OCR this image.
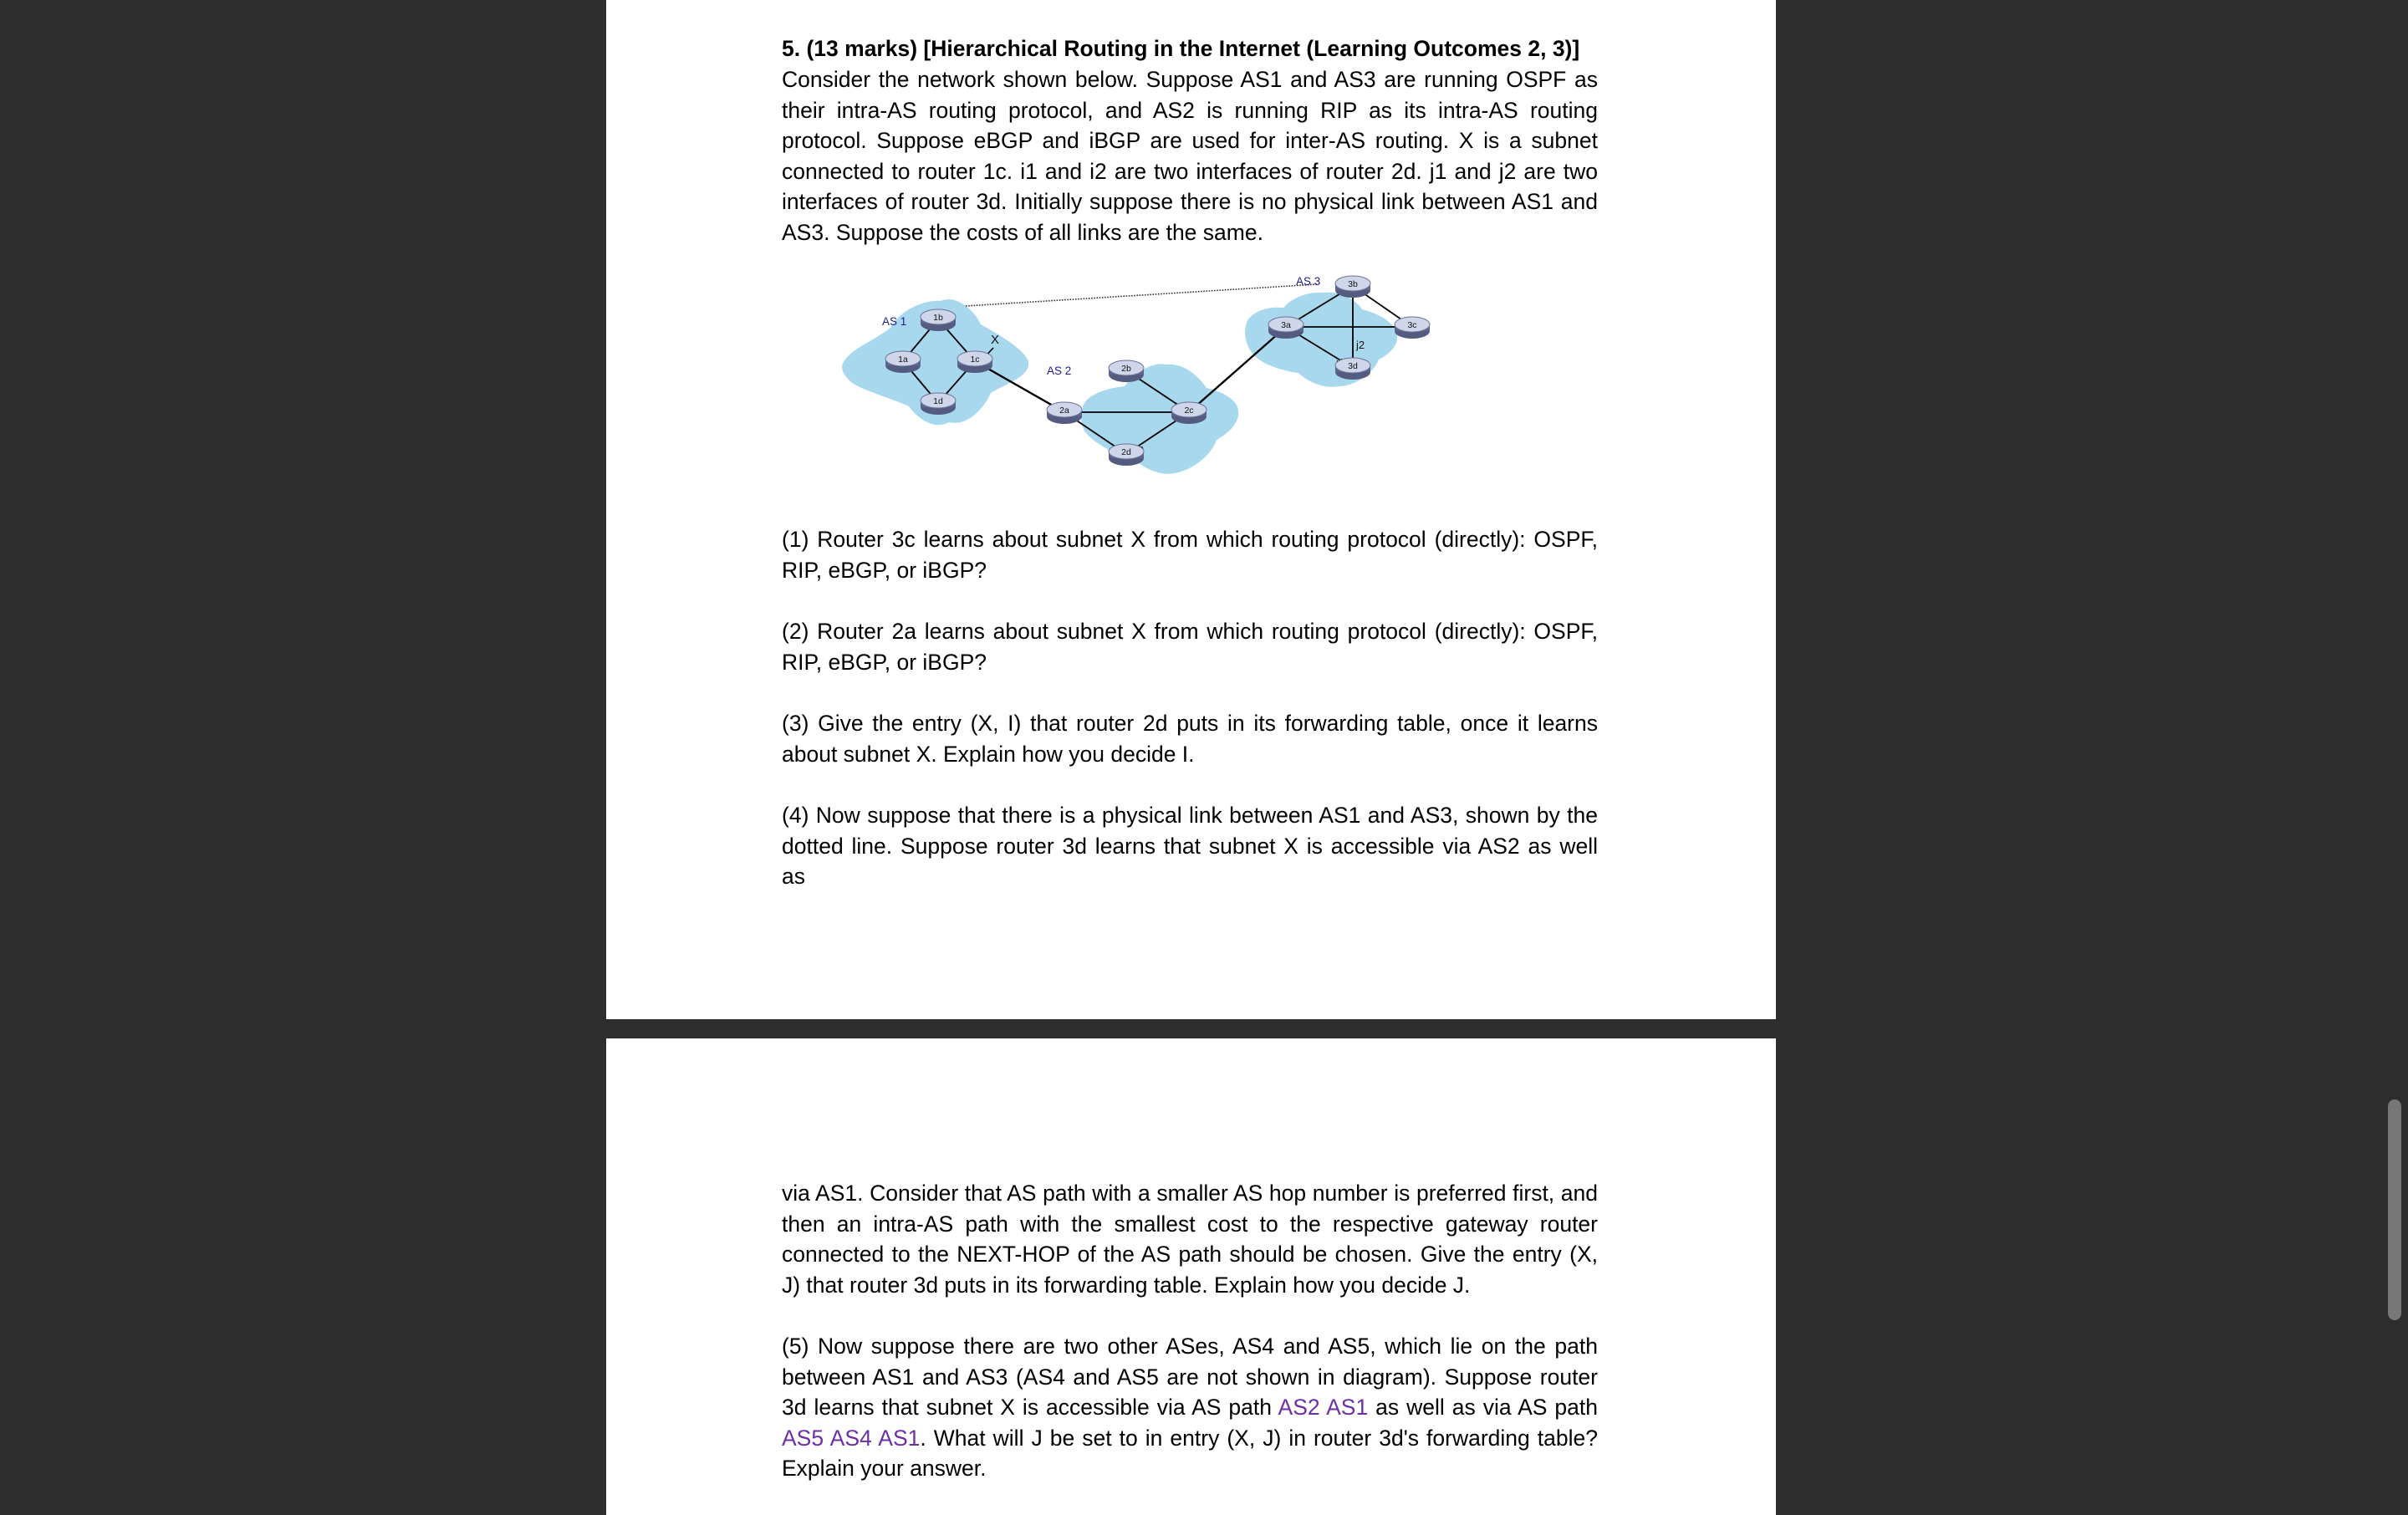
5. (13 marks) [Hierarchical Routing in the Internet (Learning Outcomes 2, 3)]
Consider the network shown below. Suppose AS1 and AS3 are running OSPF as their intra-AS routing protocol, and AS2 is running RIP as its intra-AS routing protocol. Suppose eBGP and iBGP are used for inter-AS routing. X is a subnet connected to router 1c. i1 and i2 are two interfaces of router 2d. j1 and j2 are two interfaces of router 3d. Initially suppose there is no physical link between AS1 and AS3. Suppose the costs of all links are the same.
X
AS 1
AS 2
AS 3
j2
1a
1b
1c
1d
2a
2b
2c
2d
3a
3b
3c
3d
(1) Router 3c learns about subnet X from which routing protocol (directly): OSPF, RIP, eBGP, or iBGP?
(2) Router 2a learns about subnet X from which routing protocol (directly): OSPF, RIP, eBGP, or iBGP?
(3) Give the entry (X, I) that router 2d puts in its forwarding table, once it learns about subnet X. Explain how you decide I.
(4) Now suppose that there is a physical link between AS1 and AS3, shown by the dotted line. Suppose router 3d learns that subnet X is accessible via AS2 as well as
via AS1. Consider that AS path with a smaller AS hop number is preferred first, and then an intra-AS path with the smallest cost to the respective gateway router connected to the NEXT-HOP of the AS path should be chosen. Give the entry (X, J) that router 3d puts in its forwarding table. Explain how you decide J.
(5) Now suppose there are two other ASes, AS4 and AS5, which lie on the path between AS1 and AS3 (AS4 and AS5 are not shown in diagram). Suppose router 3d learns that subnet X is accessible via AS path AS2 AS1 as well as via AS path AS5 AS4 AS1. What will J be set to in entry (X, J) in router 3d's forwarding table? Explain your answer.
